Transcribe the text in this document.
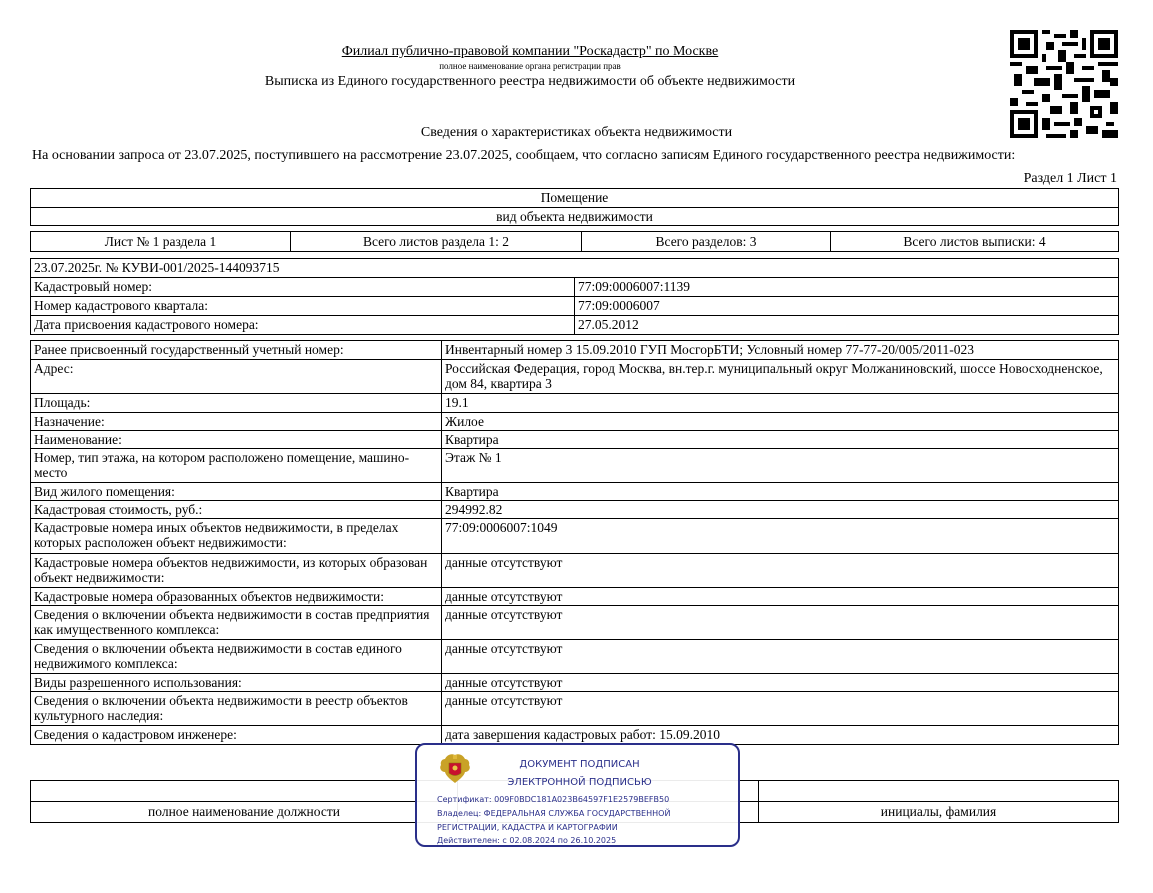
Филиал публично-правовой компании "Роскадастр" по Москве
полное наименование органа регистрации прав
Выписка из Единого государственного реестра недвижимости об объекте недвижимости
Сведения о характеристиках объекта недвижимости
На основании запроса от 23.07.2025, поступившего на рассмотрение 23.07.2025, сообщаем, что согласно записям Единого государственного реестра недвижимости:
Раздел 1 Лист 1
Помещение
вид объекта недвижимости
Лист № 1 раздела 1	Всего листов раздела 1: 2	Всего разделов: 3	Всего листов выписки: 4
23.07.2025г. № КУВИ-001/2025-144093715	
Кадастровый номер:	77:09:0006007:1139
Номер кадастрового квартала:	77:09:0006007
Дата присвоения кадастрового номера:	27.05.2012
Ранее присвоенный государственный учетный номер:	Инвентарный номер 3 15.09.2010 ГУП МосгорБТИ; Условный номер 77-77-20/005/2011-023
Адрес:	Российская Федерация, город Москва, вн.тер.г. муниципальный округ Молжаниновский, шоссе Новосходненское, дом 84, квартира 3
Площадь:	19.1
Назначение:	Жилое
Наименование:	Квартира
Номер, тип этажа, на котором расположено помещение, машино-место	Этаж № 1
Вид жилого помещения:	Квартира
Кадастровая стоимость, руб.:	294992.82
Кадастровые номера иных объектов недвижимости, в пределах которых расположен объект недвижимости:	77:09:0006007:1049
Кадастровые номера объектов недвижимости, из которых образован объект недвижимости:	данные отсутствуют
Кадастровые номера образованных объектов недвижимости:	данные отсутствуют
Сведения о включении объекта недвижимости в состав предприятия как имущественного комплекса:	данные отсутствуют
Сведения о включении объекта недвижимости в состав единого недвижимого комплекса:	данные отсутствуют
Виды разрешенного использования:	данные отсутствуют
Сведения о включении объекта недвижимости в реестр объектов культурного наследия:	данные отсутствуют
Сведения о кадастровом инженере:	дата завершения кадастровых работ: 15.09.2010

полное наименование должности		инициалы, фамилия
ДОКУМЕНТ ПОДПИСАН
ЭЛЕКТРОННОЙ ПОДПИСЬЮ
Сертификат: 009F0BDC181A023B64597F1E2579BEFB50
Владелец: ФЕДЕРАЛЬНАЯ СЛУЖБА ГОСУДАРСТВЕННОЙ
РЕГИСТРАЦИИ, КАДАСТРА И КАРТОГРАФИИ
Действителен: с 02.08.2024 по 26.10.2025
